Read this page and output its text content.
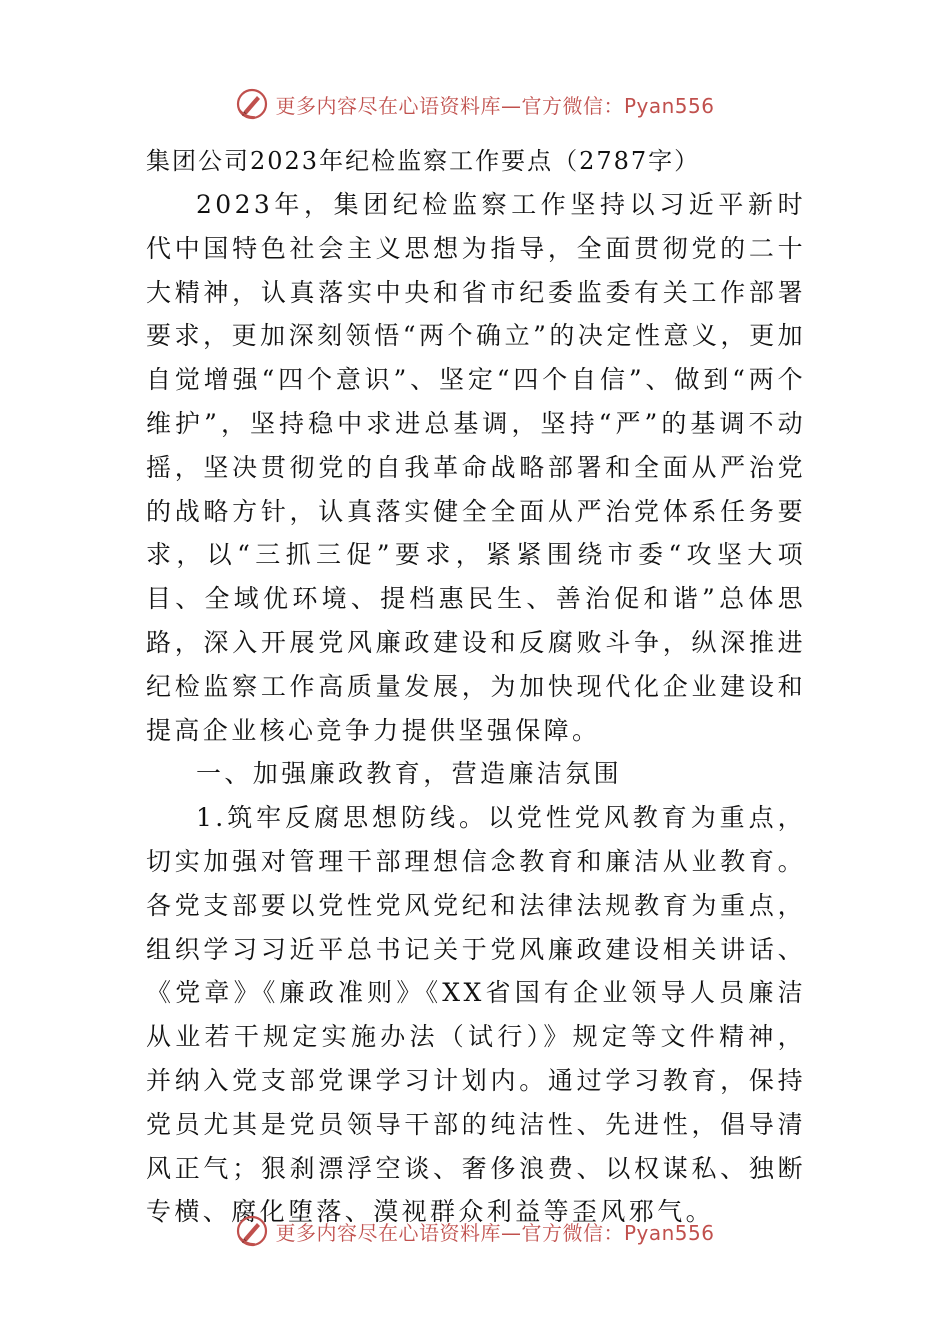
更多内容尽在心语资料库—官方微信：Pyan556

集团公司2023年纪检监察工作要点（2787字）

2023年，集团纪检监察工作坚持以习近平新时代中国特色社会主义思想为指导，全面贯彻党的二十大精神，认真落实中央和省市纪委监委有关工作部署要求，更加深刻领悟“两个确立”的决定性意义，更加自觉增强“四个意识”、坚定“四个自信”、做到“两个维护”，坚持稳中求进总基调，坚持“严”的基调不动摇，坚决贯彻党的自我革命战略部署和全面从严治党的战略方针，认真落实健全全面从严治党体系任务要求，以“三抓三促”要求，紧紧围绕市委“攻坚大项目、全域优环境、提档惠民生、善治促和谐”总体思路，深入开展党风廉政建设和反腐败斗争，纵深推进纪检监察工作高质量发展，为加快现代化企业建设和提高企业核心竞争力提供坚强保障。

一、加强廉政教育，营造廉洁氛围

1.筑牢反腐思想防线。以党性党风教育为重点，切实加强对管理干部理想信念教育和廉洁从业教育。各党支部要以党性党风党纪和法律法规教育为重点，组织学习习近平总书记关于党风廉政建设相关讲话、《党章》《廉政准则》《XX省国有企业领导人员廉洁从业若干规定实施办法（试行）》规定等文件精神，并纳入党支部党课学习计划内。通过学习教育，保持党员尤其是党员领导干部的纯洁性、先进性，倡导清风正气；狠刹漂浮空谈、奢侈浪费、以权谋私、独断专横、腐化堕落、漠视群众利益等歪风邪气。

更多内容尽在心语资料库—官方微信：Pyan556
